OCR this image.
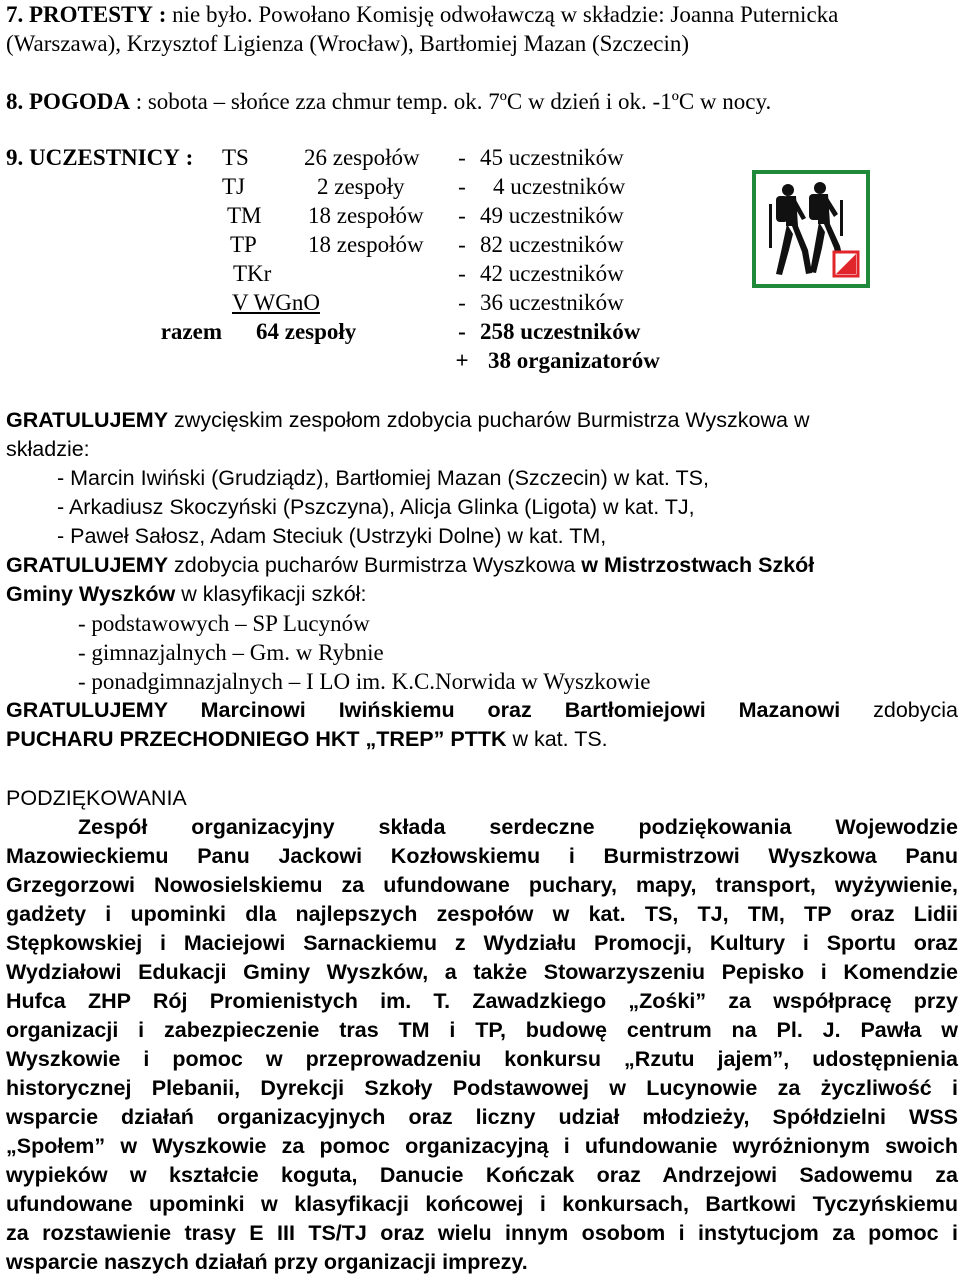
7. PROTESTY : nie było. Powołano Komisję odwoławczą w składzie: Joanna Puternicka
(Warszawa), Krzysztof Ligienza (Wrocław), Bartłomiej Mazan (Szczecin)
8. POGODA : sobota – słońce zza chmur temp. ok. 7ºC w dzień i ok. -1ºC w nocy.
9. UCZESTNICY :	TS	26 zespołów	-	45 uczestników
	TJ	2 zespoły	-	4 uczestników
	TM	18 zespołów	-	49 uczestników
	TP	18 zespołów	-	82 uczestników
	TKr		-	42 uczestników
	V WGnO		-	36 uczestników
razem	64 zespoły		-	258 uczestników
			+	38 organizatorów
GRATULUJEMY zwycięskim zespołom zdobycia pucharów Burmistrza Wyszkowa w
składzie:
- Marcin Iwiński (Grudziądz), Bartłomiej Mazan (Szczecin) w kat. TS,
- Arkadiusz Skoczyński (Pszczyna), Alicja Glinka (Ligota) w kat. TJ,
- Paweł Sałosz, Adam Steciuk (Ustrzyki Dolne) w kat. TM,
GRATULUJEMY zdobycia pucharów Burmistrza Wyszkowa w Mistrzostwach Szkół
Gminy Wyszków w klasyfikacji szkół:
- podstawowych – SP Lucynów
- gimnazjalnych – Gm. w Rybnie
- ponadgimnazjalnych – I LO im. K.C.Norwida w Wyszkowie
GRATULUJEMY Marcinowi Iwińskiemu oraz Bartłomiejowi Mazanowi zdobycia
PUCHARU PRZECHODNIEGO HKT „TREP” PTTK w kat. TS.
PODZIĘKOWANIA
Zespół organizacyjny składa serdeczne podziękowania Wojewodzie
Mazowieckiemu Panu Jackowi Kozłowskiemu i Burmistrzowi Wyszkowa Panu
Grzegorzowi Nowosielskiemu za ufundowane puchary, mapy, transport, wyżywienie,
gadżety i upominki dla najlepszych zespołów w kat. TS, TJ, TM, TP oraz Lidii
Stępkowskiej i Maciejowi Sarnackiemu z Wydziału Promocji, Kultury i Sportu oraz
Wydziałowi Edukacji Gminy Wyszków, a także Stowarzyszeniu Pepisko i Komendzie
Hufca ZHP Rój Promienistych im. T. Zawadzkiego „Zośki” za współpracę przy
organizacji i zabezpieczenie tras TM i TP, budowę centrum na Pl. J. Pawła w
Wyszkowie i pomoc w przeprowadzeniu konkursu „Rzutu jajem”, udostępnienia
historycznej Plebanii, Dyrekcji Szkoły Podstawowej w Lucynowie za życzliwość i
wsparcie działań organizacyjnych oraz liczny udział młodzieży, Spółdzielni WSS
„Społem” w Wyszkowie za pomoc organizacyjną i ufundowanie wyróżnionym swoich
wypieków w kształcie koguta, Danucie Kończak oraz Andrzejowi Sadowemu za
ufundowane upominki w klasyfikacji końcowej i konkursach, Bartkowi Tyczyńskiemu
za rozstawienie trasy E III TS/TJ oraz wielu innym osobom i instytucjom za pomoc i
wsparcie naszych działań przy organizacji imprezy.
